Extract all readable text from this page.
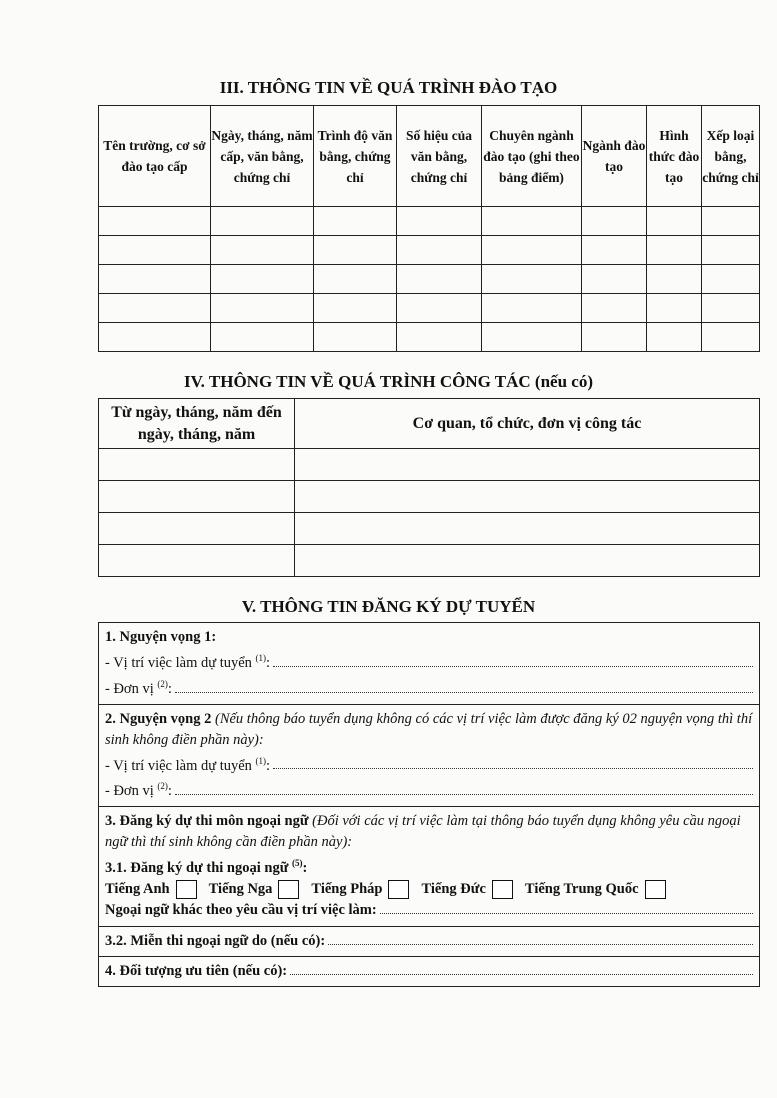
III. THÔNG TIN VỀ QUÁ TRÌNH ĐÀO TẠO
Tên trường, cơ sở đào tạo cấp	Ngày, tháng, năm cấp, văn bằng, chứng chỉ	Trình độ văn bằng, chứng chỉ	Số hiệu của văn bằng, chứng chỉ	Chuyên ngành đào tạo (ghi theo bảng điểm)	Ngành đào tạo	Hình thức đào tạo	Xếp loại bằng, chứng chỉ

IV. THÔNG TIN VỀ QUÁ TRÌNH CÔNG TÁC (nếu có)
Từ ngày, tháng, năm đến ngày, tháng, năm	Cơ quan, tổ chức, đơn vị công tác

V. THÔNG TIN ĐĂNG KÝ DỰ TUYỂN
1. Nguyện vọng 1:
- Vị trí việc làm dự tuyển $^{(1)}$:
- Đơn vị $^{(2)}$:

2. Nguyện vọng 2 (Nếu thông báo tuyển dụng không có các vị trí việc làm được đăng ký 02 nguyện vọng thì thí sinh không điền phần này):
- Vị trí việc làm dự tuyển $^{(1)}$:
- Đơn vị $^{(2)}$:

3. Đăng ký dự thi môn ngoại ngữ (Đối với các vị trí việc làm tại thông báo tuyển dụng không yêu cầu ngoại ngữ thì thí sinh không cần điền phần này):
3.1. Đăng ký dự thi ngoại ngữ $^{(5)}$:
Tiếng Anh	Tiếng Nga	Tiếng Pháp	Tiếng Đức	Tiếng Trung Quốc
Ngoại ngữ khác theo yêu cầu vị trí việc làm:

3.2. Miễn thi ngoại ngữ do (nếu có):

4. Đối tượng ưu tiên (nếu có):
